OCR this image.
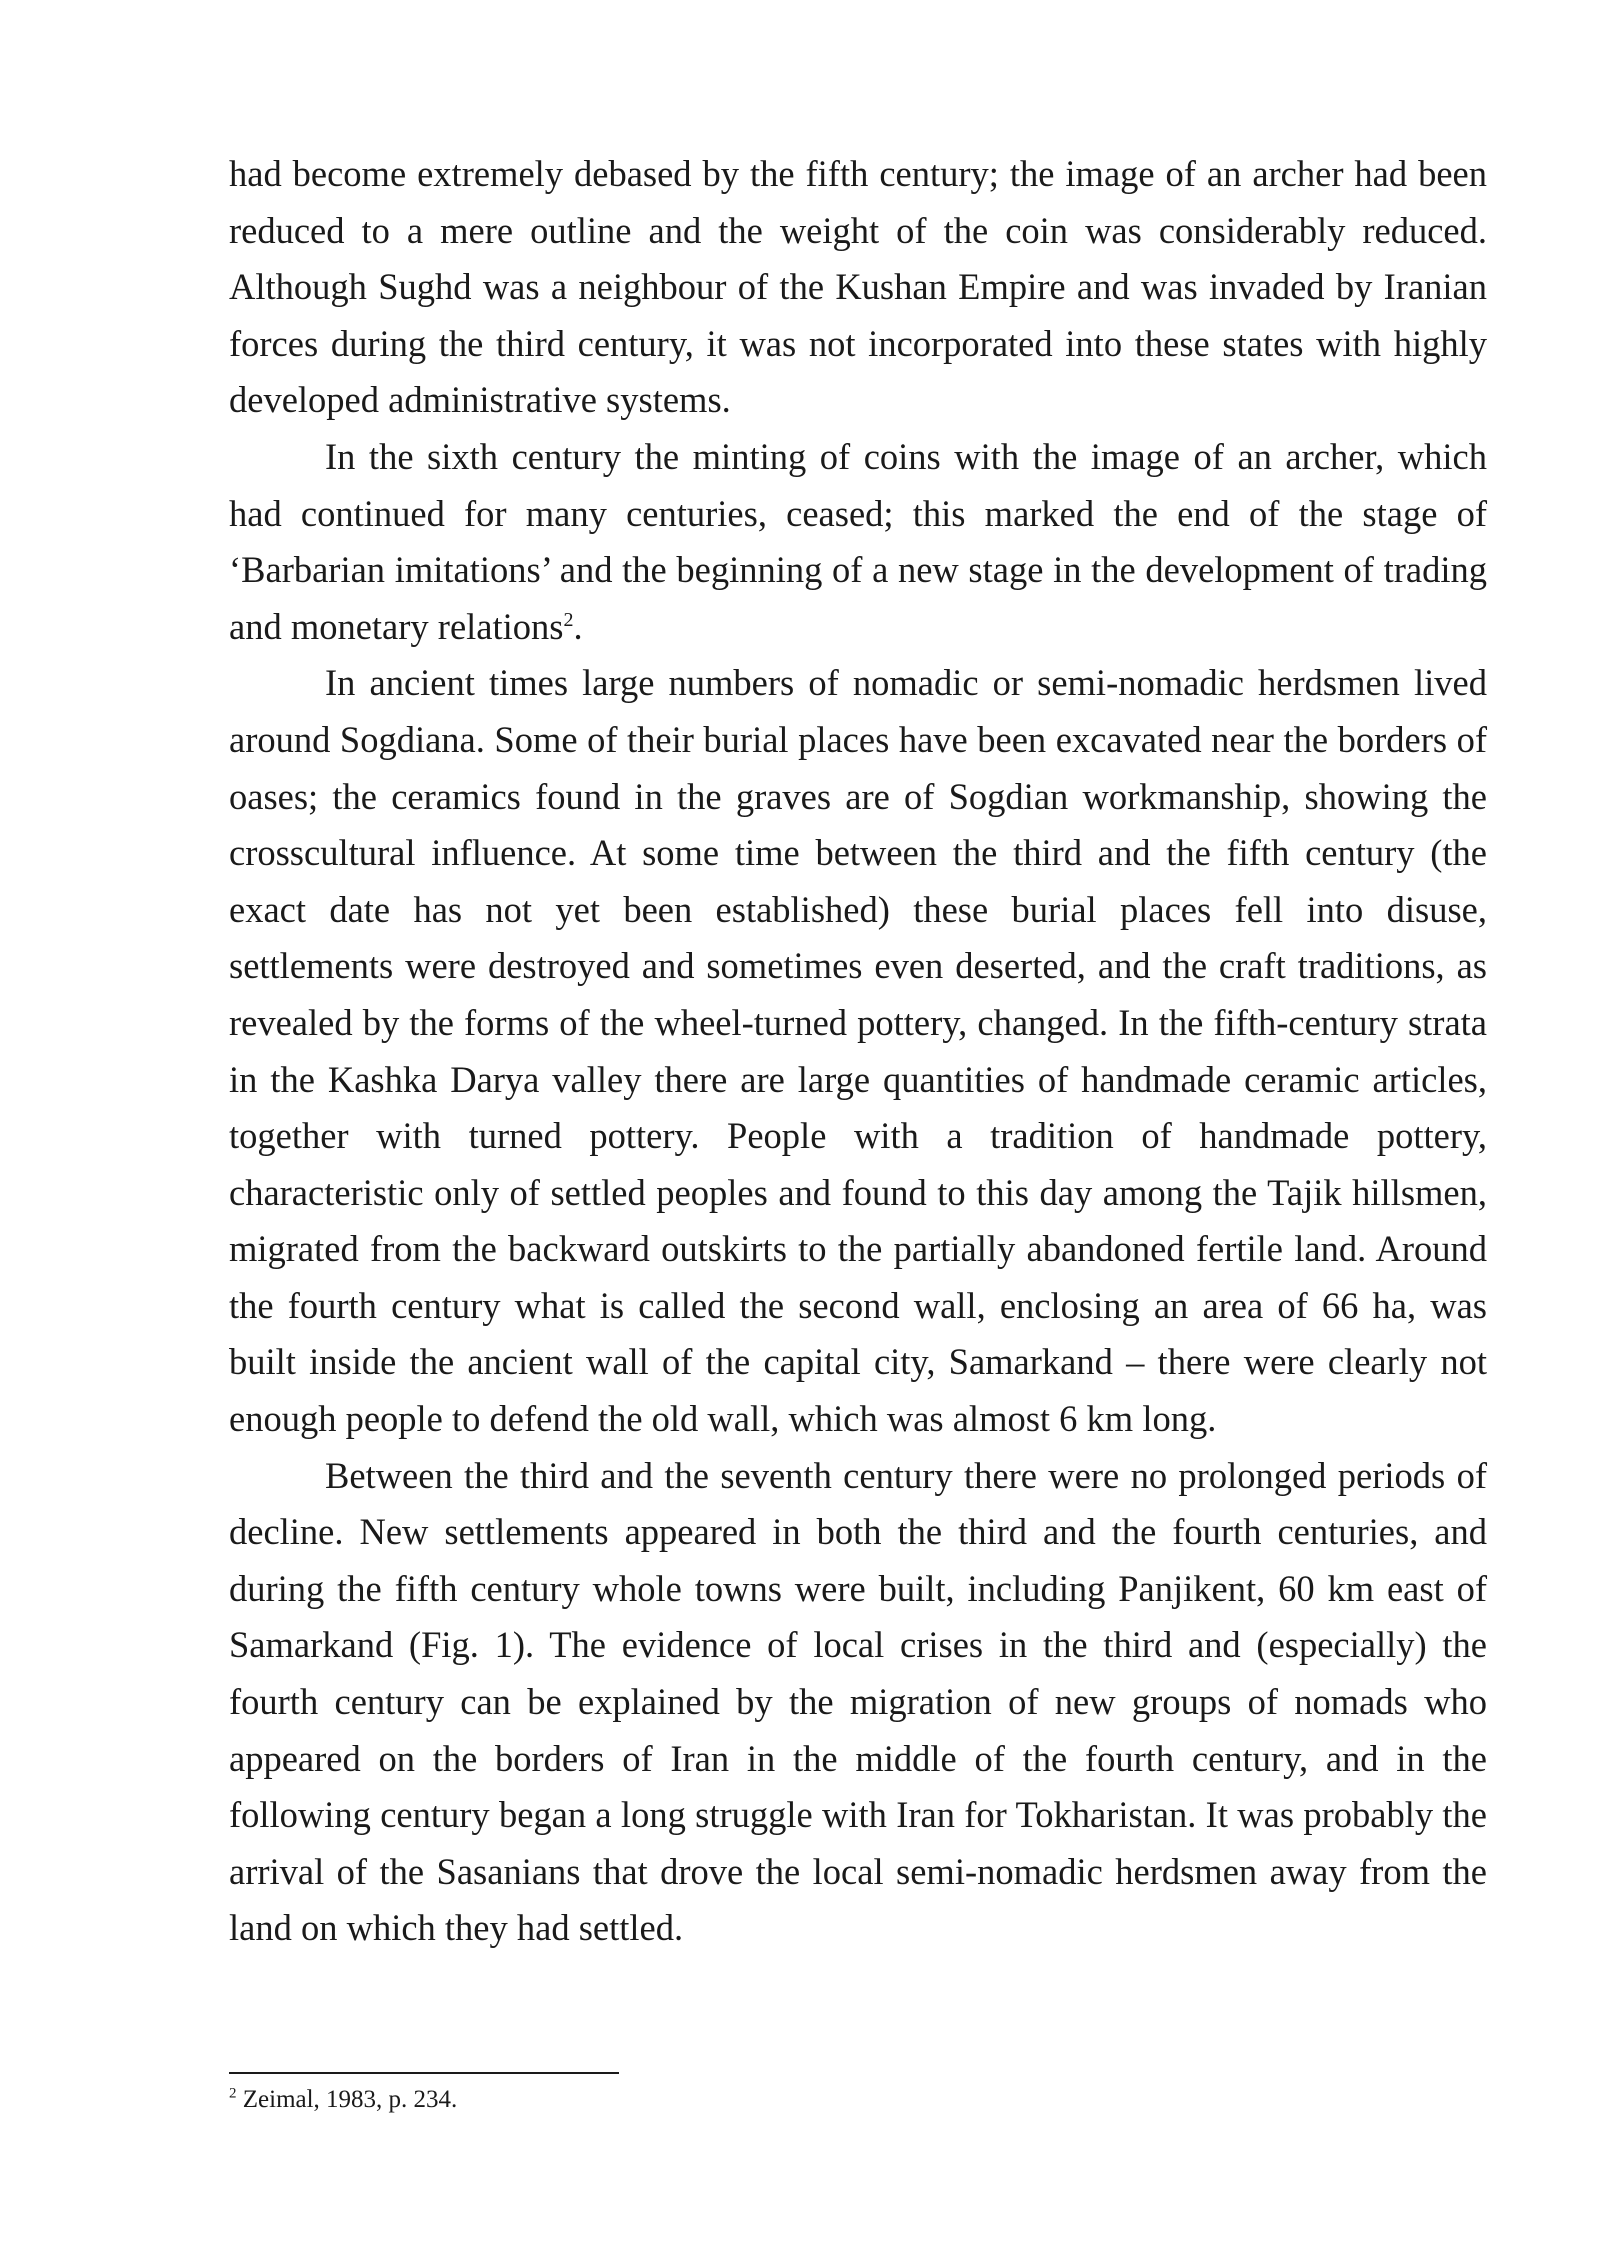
had become extremely debased by the fifth century; the image of an archer had been reduced to a mere outline and the weight of the coin was considerably reduced. Although Sughd was a neighbour of the Kushan Empire and was invaded by Iranian forces during the third century, it was not incorporated into these states with highly developed administrative systems.

In the sixth century the minting of coins with the image of an archer, which had continued for many centuries, ceased; this marked the end of the stage of ‘Barbarian imitations’ and the beginning of a new stage in the development of trading and monetary relations$^2$.

In ancient times large numbers of nomadic or semi-nomadic herdsmen lived around Sogdiana. Some of their burial places have been excavated near the borders of oases; the ceramics found in the graves are of Sogdian workmanship, showing the crosscultural influence. At some time between the third and the fifth century (the exact date has not yet been established) these burial places fell into disuse, settlements were destroyed and sometimes even deserted, and the craft traditions, as revealed by the forms of the wheel-turned pottery, changed. In the fifth-century strata in the Kashka Darya valley there are large quantities of handmade ceramic articles, together with turned pottery. People with a tradition of handmade pottery, characteristic only of settled peoples and found to this day among the Tajik hillsmen, migrated from the backward outskirts to the partially abandoned fertile land. Around the fourth century what is called the second wall, enclosing an area of 66 ha, was built inside the ancient wall of the capital city, Samarkand – there were clearly not enough people to defend the old wall, which was almost 6 km long.

Between the third and the seventh century there were no prolonged periods of decline. New settlements appeared in both the third and the fourth centuries, and during the fifth century whole towns were built, including Panjikent, 60 km east of Samarkand (Fig. 1). The evidence of local crises in the third and (especially) the fourth century can be explained by the migration of new groups of nomads who appeared on the borders of Iran in the middle of the fourth century, and in the following century began a long struggle with Iran for Tokharistan. It was probably the arrival of the Sasanians that drove the local semi-nomadic herdsmen away from the land on which they had settled.

$^2$ Zeimal, 1983, p. 234.
